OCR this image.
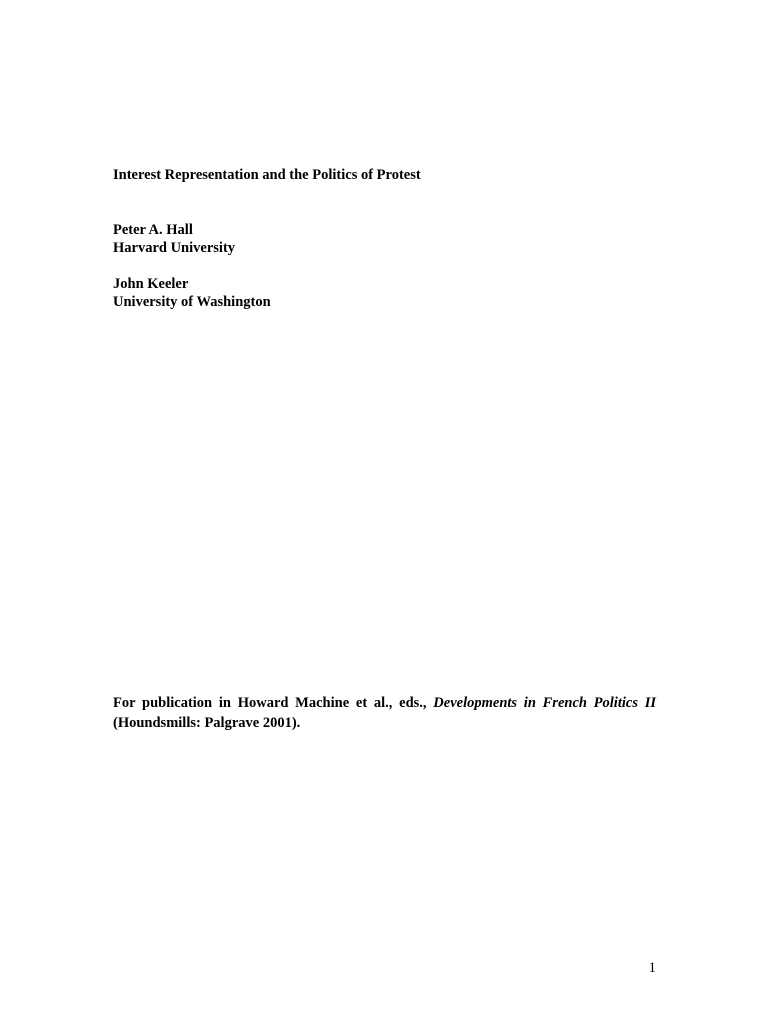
Interest Representation and the Politics of Protest
Peter A. Hall
Harvard University
John Keeler
University of Washington
For publication in Howard Machine et al., eds., Developments in French Politics II
(Houndsmills: Palgrave 2001).
1
